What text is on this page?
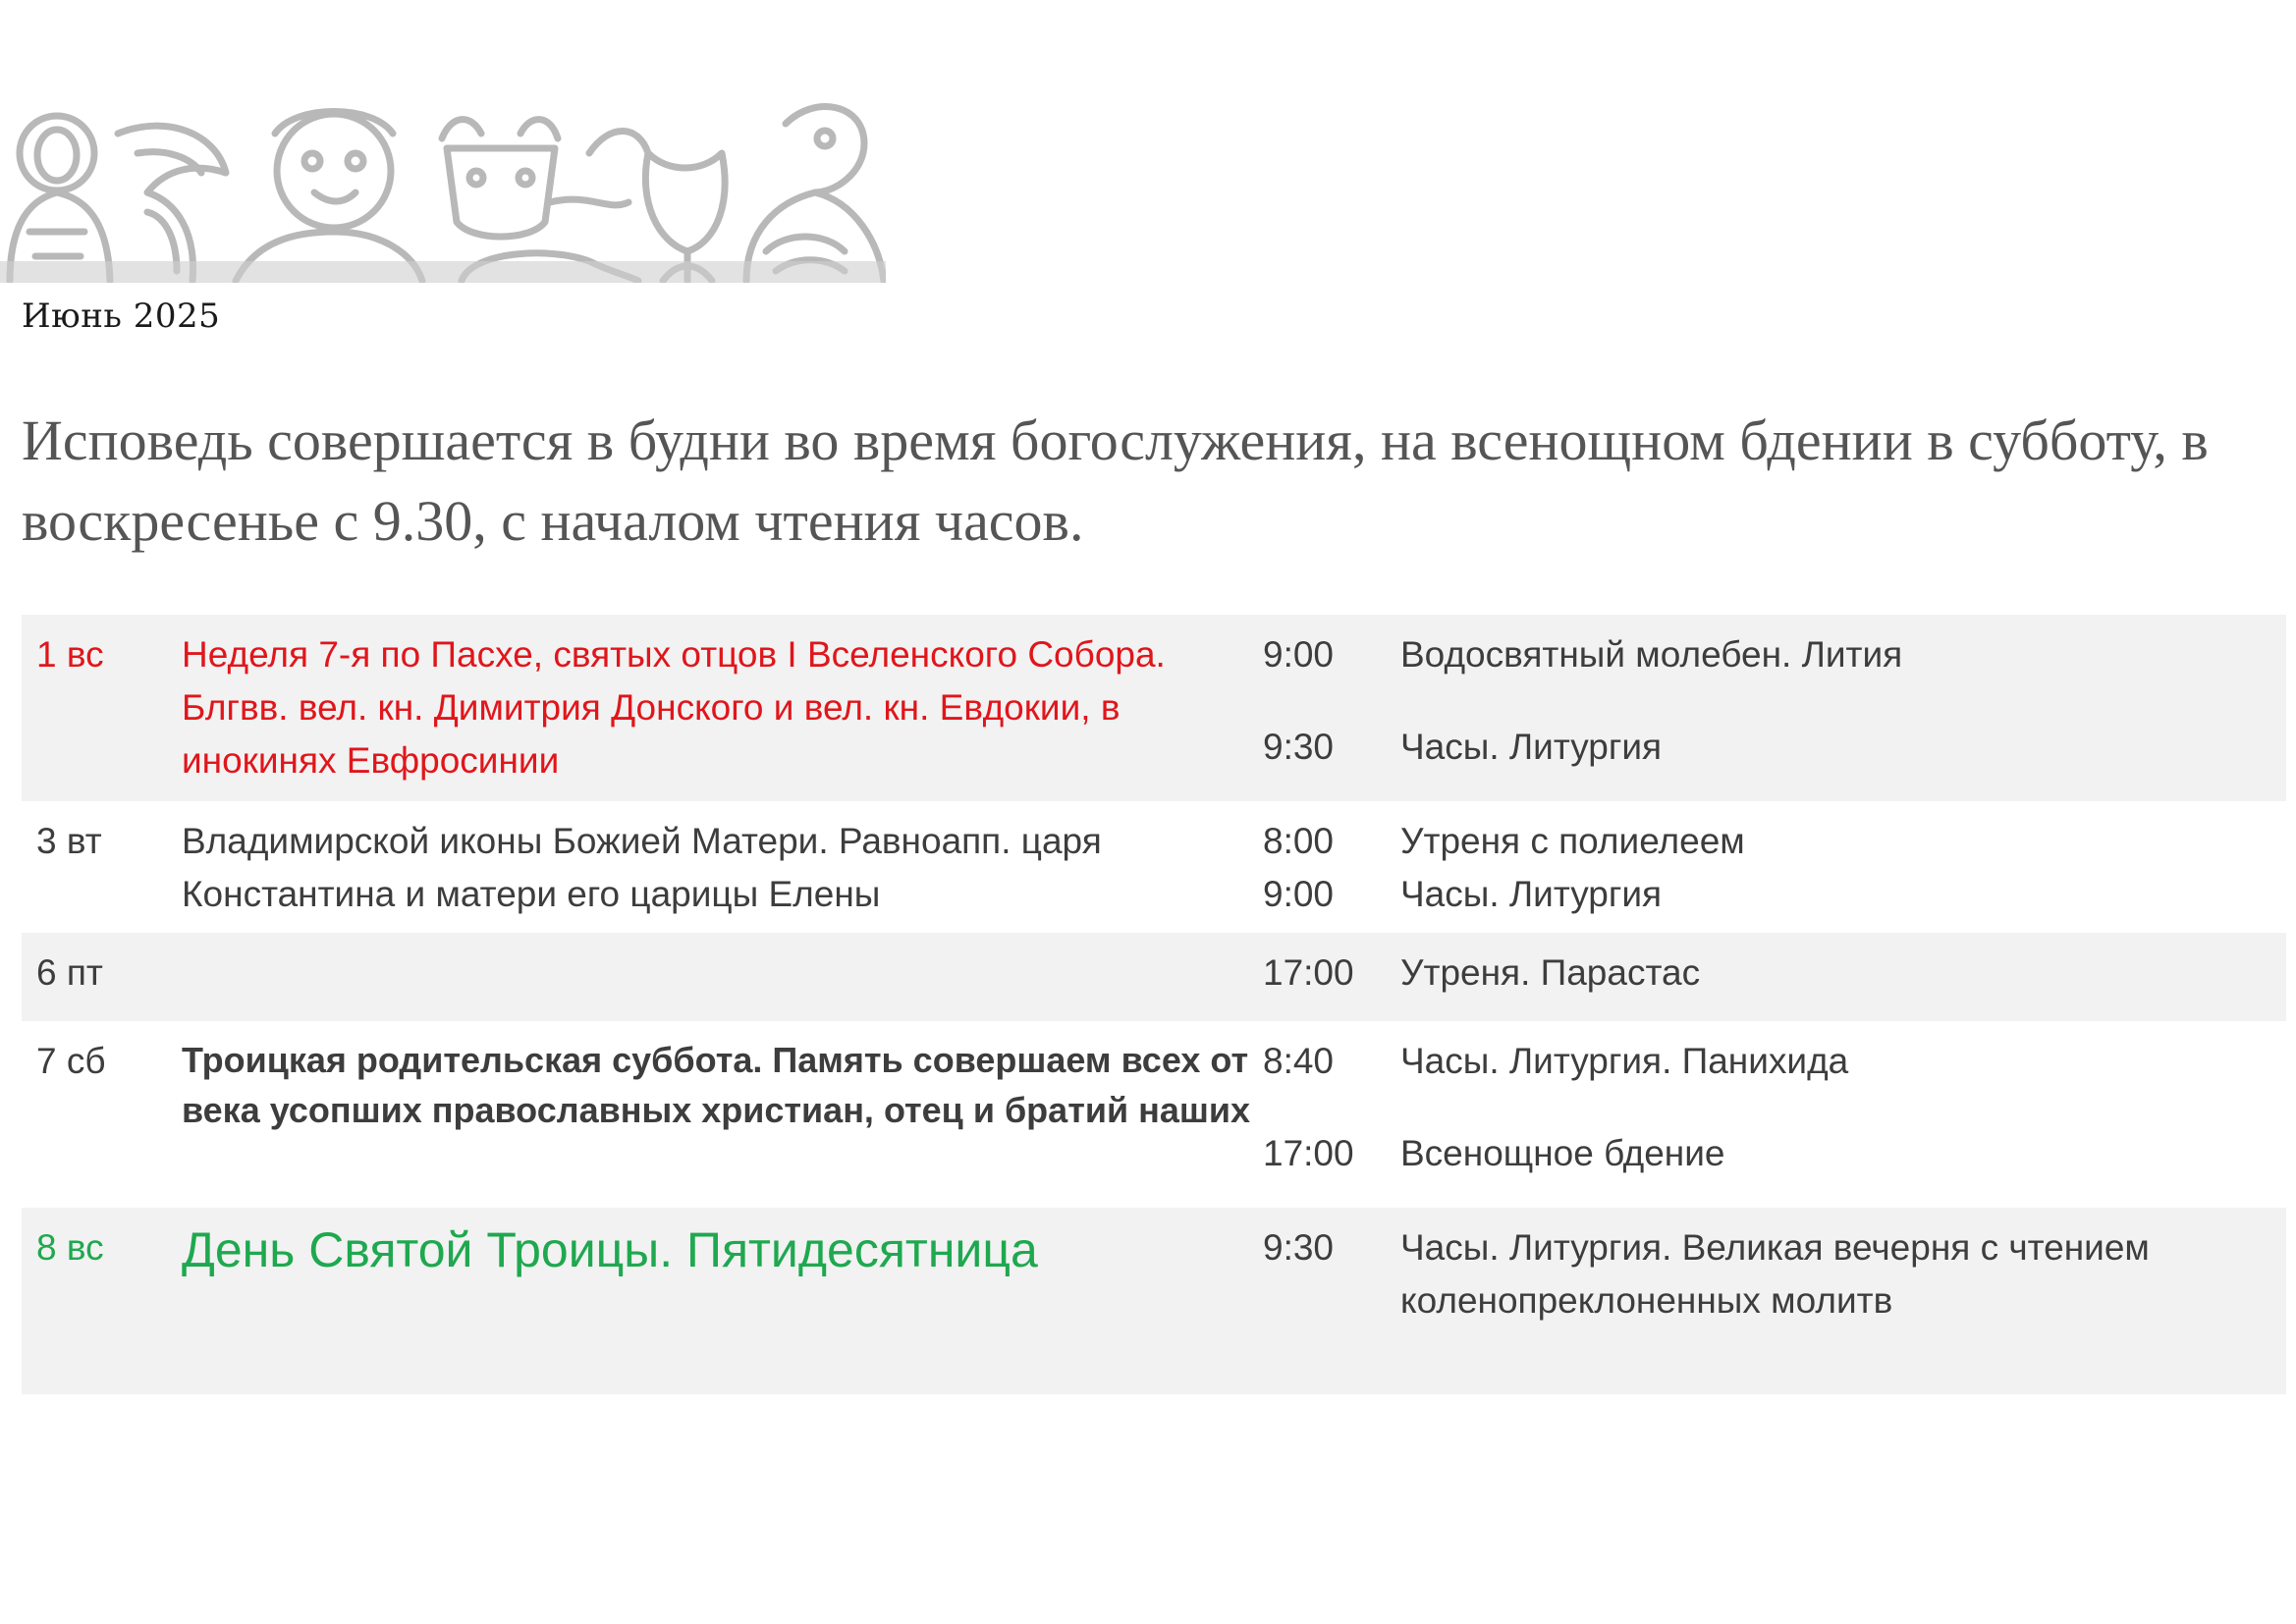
Июнь 2025
Исповедь совершается в будни во время богослужения, на всенощном бдении в субботу, в воскресенье с 9.30, с началом чтения часов.
1 вс Неделя 7-я по Пасхе, святых отцов I Вселенского Собора. Блгвв. вел. кн. Димитрия Донского и вел. кн. Евдокии, в инокинях Евфросинии
9:00 Водосвятный молебен. Лития
9:30 Часы. Литургия
3 вт Владимирской иконы Божией Матери. Равноапп. царя Константина и матери его царицы Елены
8:00 Утреня с полиелеем
9:00 Часы. Литургия
6 пт	17:00 Утреня. Парастас
7 сб Троицкая родительская суббота. Память совершаем всех от века усопших православных христиан, отец и братий наших
8:40 Часы. Литургия. Панихида
17:00 Всенощное бдение
8 вс День Святой Троицы. Пятидесятница	9:30 Часы. Литургия. Великая вечерня с чтением коленопреклоненных молитв
